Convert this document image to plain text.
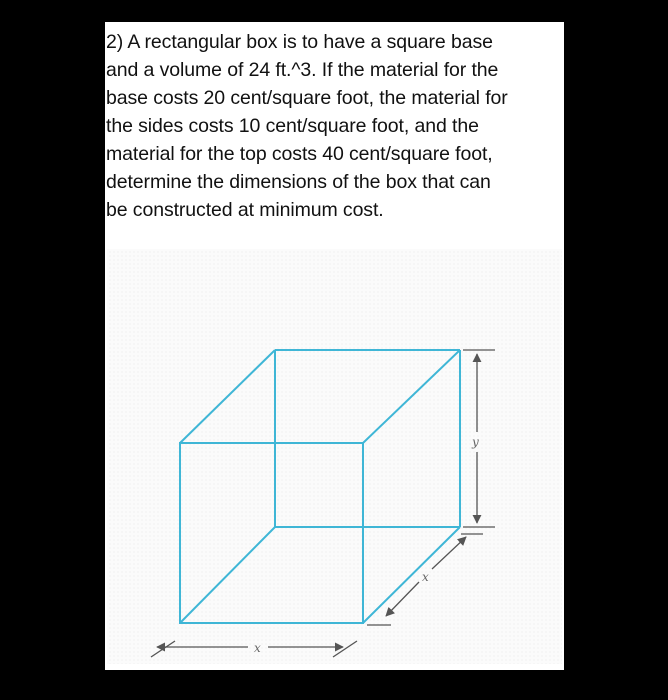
2) A rectangular box is to have a square base
and a volume of 24 ft.^3. If the material for the
base costs 20 cent/square foot, the material for
the sides costs 10 cent/square foot, and the
material for the top costs 40 cent/square foot,
determine the dimensions of the box that can
be constructed at minimum cost.
x
x
y
